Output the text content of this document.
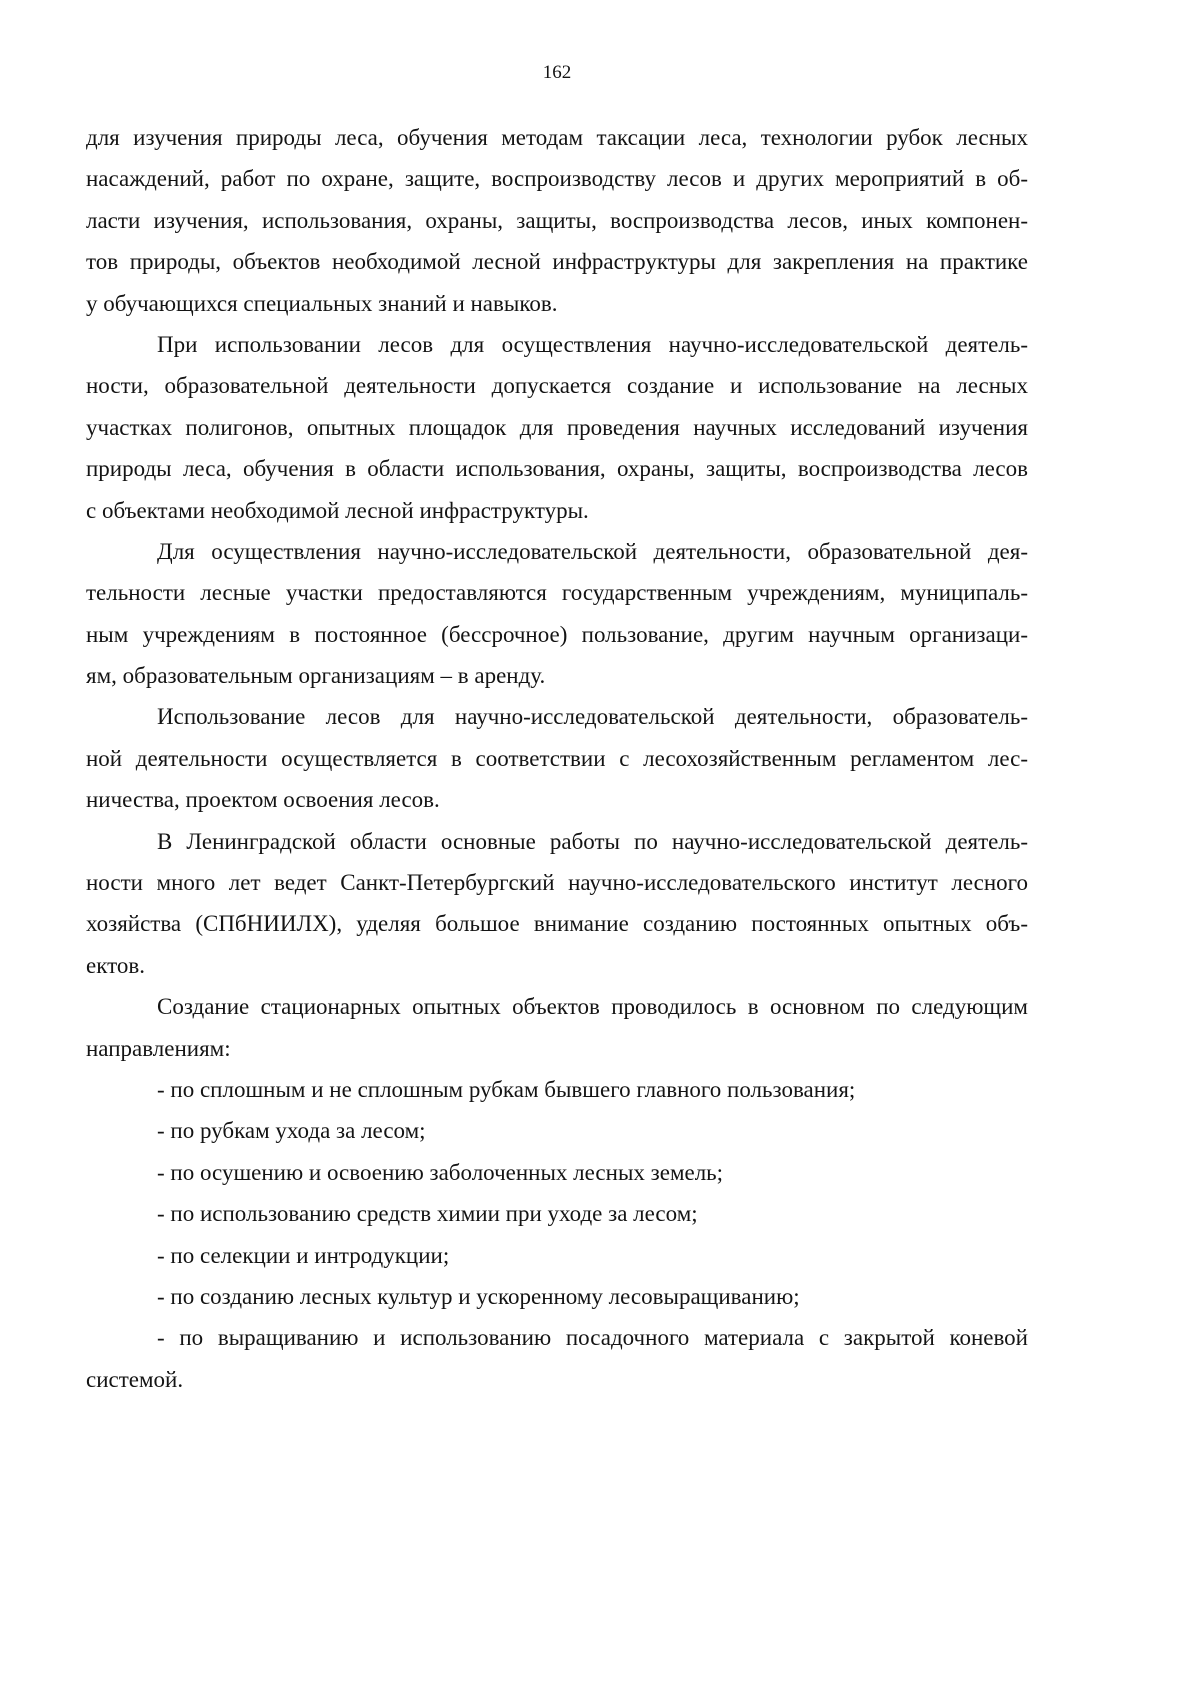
162
для изучения природы леса, обучения методам таксации леса, технологии рубок лесных
насаждений, работ по охране, защите, воспроизводству лесов и других мероприятий в об-
ласти изучения, использования, охраны, защиты, воспроизводства лесов, иных компонен-
тов природы, объектов необходимой лесной инфраструктуры для закрепления на практике
у обучающихся специальных знаний и навыков.
При использовании лесов для осуществления научно-исследовательской деятель-
ности, образовательной деятельности допускается создание и использование на лесных
участках полигонов, опытных площадок для проведения научных исследований изучения
природы леса, обучения в области использования, охраны, защиты, воспроизводства лесов
с объектами необходимой лесной инфраструктуры.
Для осуществления научно-исследовательской деятельности, образовательной дея-
тельности лесные участки предоставляются государственным учреждениям, муниципаль-
ным учреждениям в постоянное (бессрочное) пользование, другим научным организаци-
ям, образовательным организациям – в аренду.
Использование лесов для научно-исследовательской деятельности, образователь-
ной деятельности осуществляется в соответствии с лесохозяйственным регламентом лес-
ничества, проектом освоения лесов.
В Ленинградской области основные работы по научно-исследовательской деятель-
ности много лет ведет Санкт-Петербургский научно-исследовательского институт лесного
хозяйства (СПбНИИЛХ), уделяя большое внимание созданию постоянных опытных объ-
ектов.
Создание стационарных опытных объектов проводилось в основном по следующим
направлениям:
- по сплошным и не сплошным рубкам бывшего главного пользования;
- по рубкам ухода за лесом;
- по осушению и освоению заболоченных лесных земель;
- по использованию средств химии при уходе за лесом;
- по селекции и интродукции;
- по созданию лесных культур и ускоренному лесовыращиванию;
- по выращиванию и использованию посадочного материала с закрытой коневой
системой.
